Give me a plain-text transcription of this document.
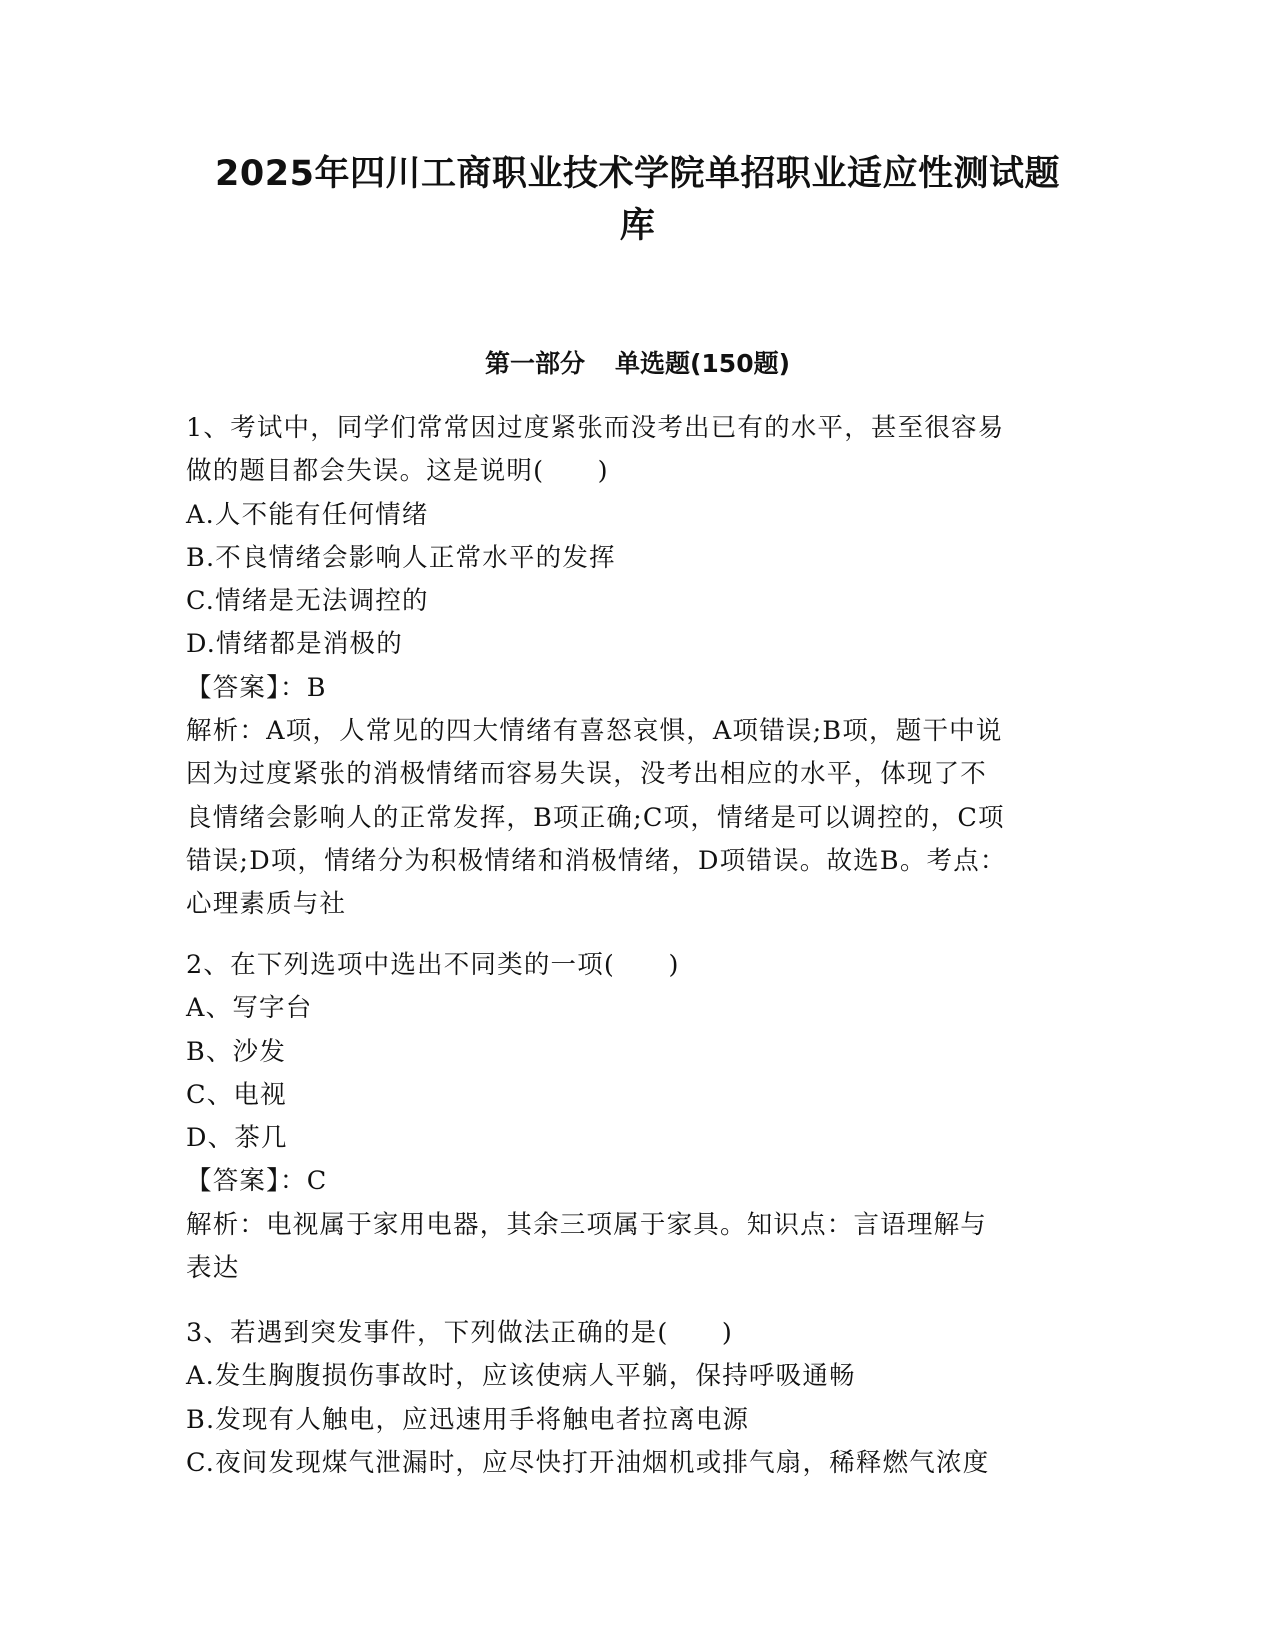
2025年四川工商职业技术学院单招职业适应性测试题
库
第一部分 单选题(150题)
1、考试中，同学们常常因过度紧张而没考出已有的水平，甚至很容易
做的题目都会失误。这是说明(　　)
A.人不能有任何情绪
B.不良情绪会影响人正常水平的发挥
C.情绪是无法调控的
D.情绪都是消极的
【答案】：B
解析：A项，人常见的四大情绪有喜怒哀惧，A项错误;B项，题干中说
因为过度紧张的消极情绪而容易失误，没考出相应的水平，体现了不
良情绪会影响人的正常发挥，B项正确;C项，情绪是可以调控的，C项
错误;D项，情绪分为积极情绪和消极情绪，D项错误。故选B。考点：
心理素质与社
2、在下列选项中选出不同类的一项(　　)
A、写字台
B、沙发
C、电视
D、茶几
【答案】：C
解析：电视属于家用电器，其余三项属于家具。知识点：言语理解与
表达
3、若遇到突发事件，下列做法正确的是(　　)
A.发生胸腹损伤事故时，应该使病人平躺，保持呼吸通畅
B.发现有人触电，应迅速用手将触电者拉离电源
C.夜间发现煤气泄漏时，应尽快打开油烟机或排气扇，稀释燃气浓度
